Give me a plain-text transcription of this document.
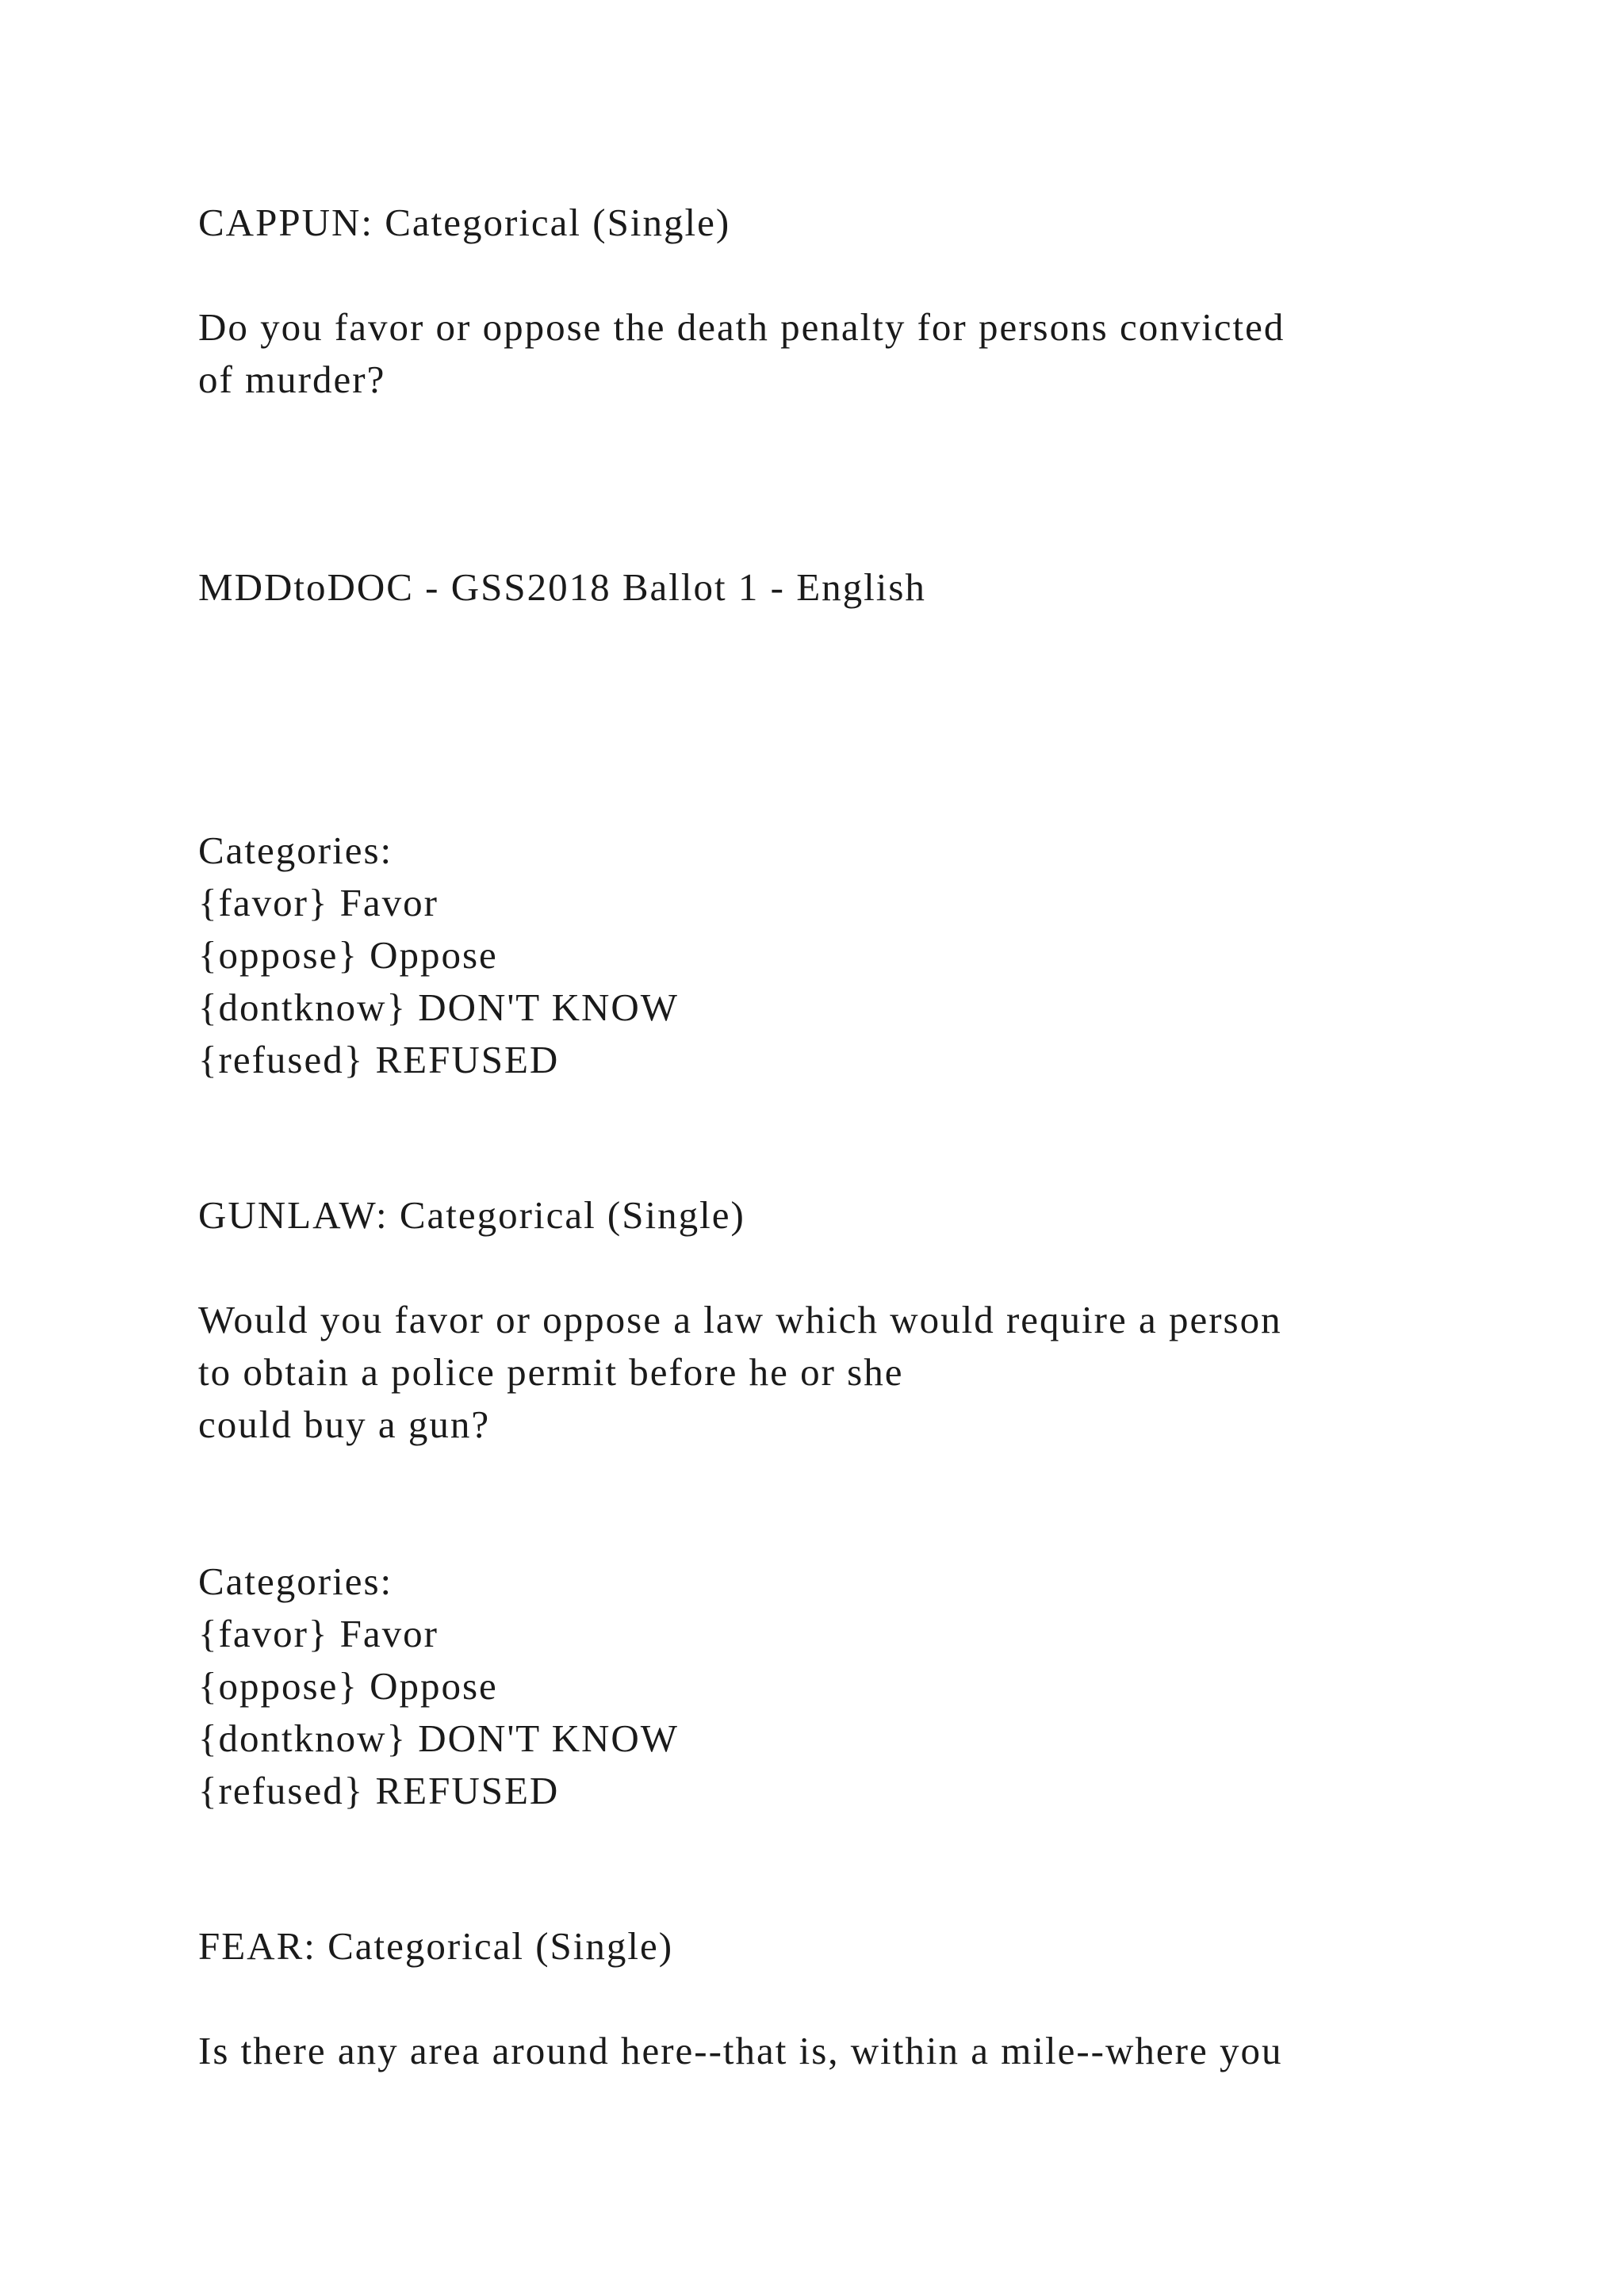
CAPPUN: Categorical (Single)
Do you favor or oppose the death penalty for persons convicted
of murder?
MDDtoDOC - GSS2018 Ballot 1 - English
Categories:
{favor} Favor
{oppose} Oppose
{dontknow} DON'T KNOW
{refused} REFUSED
GUNLAW: Categorical (Single)
Would you favor or oppose a law which would require a person
to obtain a police permit before he or she
could buy a gun?
Categories:
{favor} Favor
{oppose} Oppose
{dontknow} DON'T KNOW
{refused} REFUSED
FEAR: Categorical (Single)
Is there any area around here--that is, within a mile--where you
